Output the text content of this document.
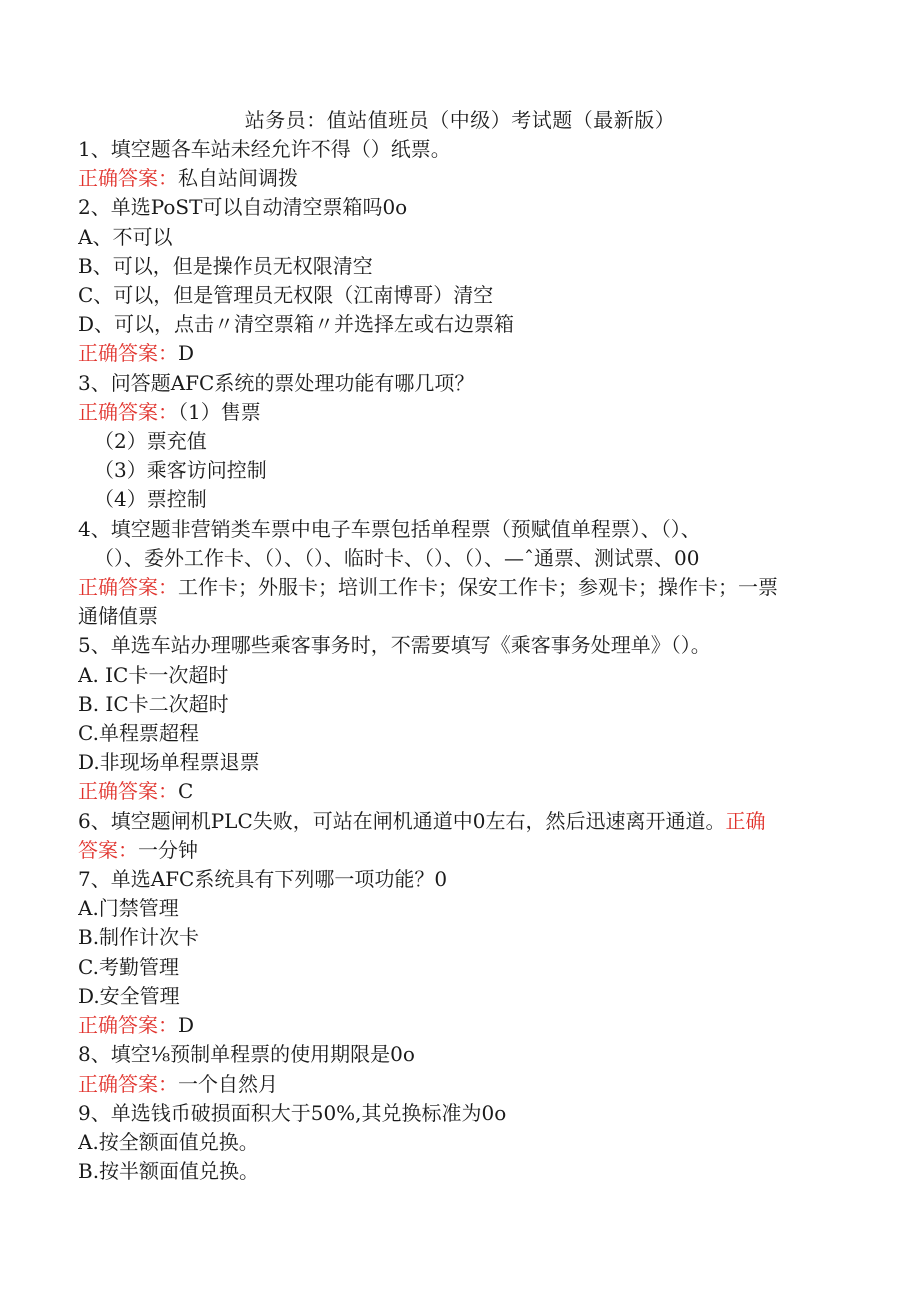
站务员：值站值班员（中级）考试题（最新版）
1、填空题各车站未经允许不得（）纸票。
正确答案：私自站间调拨
2、单选PoST可以自动清空票箱吗0o
A、不可以
B、可以，但是操作员无权限清空
C、可以，但是管理员无权限（江南博哥）清空
D、可以，点击〃清空票箱〃并选择左或右边票箱
正确答案：D
3、问答题AFC系统的票处理功能有哪几项？
正确答案：（1）售票
（2）票充值
（3）乘客访问控制
（4）票控制
4、填空题非营销类车票中电子车票包括单程票（预赋值单程票）、（）、
（）、委外工作卡、（）、（）、临时卡、（）、（）、—ˆ通票、测试票、00
正确答案：工作卡；外服卡；培训工作卡；保安工作卡；参观卡；操作卡；一票
通储值票
5、单选车站办理哪些乘客事务时，不需要填写《乘客事务处理单》（）。
A. IC卡一次超时
B. IC卡二次超时
C.单程票超程
D.非现场单程票退票
正确答案：C
6、填空题闸机PLC失败，可站在闸机通道中0左右，然后迅速离开通道。正确
答案：一分钟
7、单选AFC系统具有下列哪一项功能？0
A.门禁管理
B.制作计次卡
C.考勤管理
D.安全管理
正确答案：D
8、填空⅛预制单程票的使用期限是0o
正确答案：一个自然月
9、单选钱币破损面积大于50%,其兑换标准为0o
A.按全额面值兑换。
B.按半额面值兑换。
